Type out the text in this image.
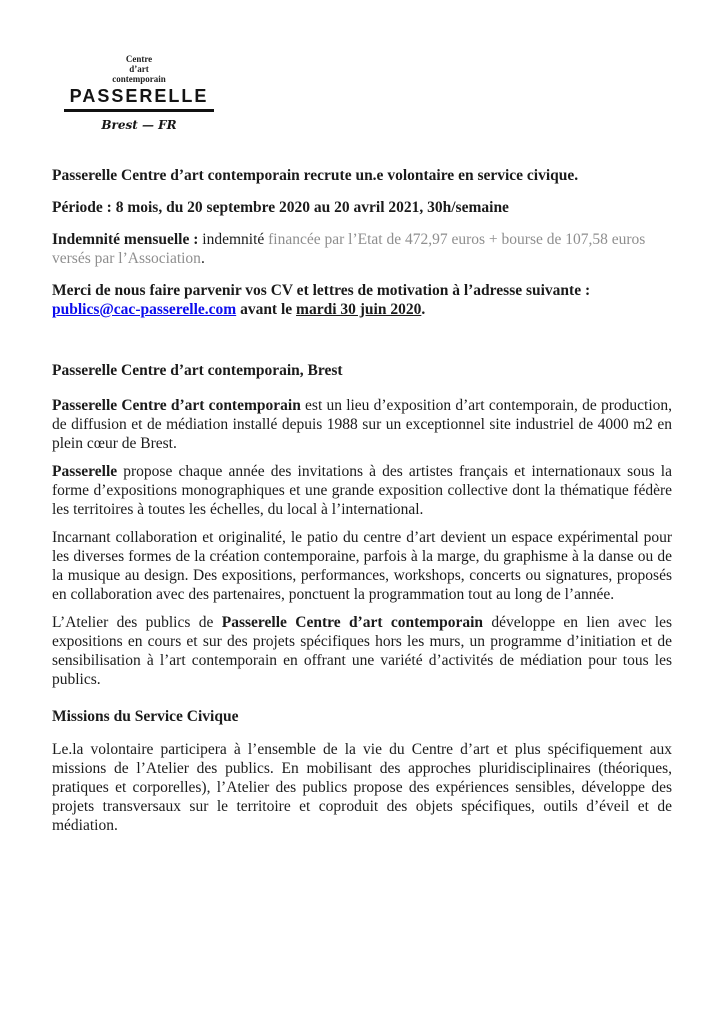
Centre
d’art
contemporain
PASSERELLE
Brest — FR

Passerelle Centre d’art contemporain recrute un.e volontaire en service civique.

Période : 8 mois, du 20 septembre 2020 au 20 avril 2021, 30h/semaine

Indemnité mensuelle : indemnité financée par l’Etat de 472,97 euros + bourse de 107,58 euros versés par l’Association.

Merci de nous faire parvenir vos CV et lettres de motivation à l’adresse suivante : publics@cac-passerelle.com avant le mardi 30 juin 2020.

Passerelle Centre d’art contemporain, Brest

Passerelle Centre d’art contemporain est un lieu d’exposition d’art contemporain, de production, de diffusion et de médiation installé depuis 1988 sur un exceptionnel site industriel de 4000 m2 en plein cœur de Brest.

Passerelle propose chaque année des invitations à des artistes français et internationaux sous la forme d’expositions monographiques et une grande exposition collective dont la thématique fédère les territoires à toutes les échelles, du local à l’international.

Incarnant collaboration et originalité, le patio du centre d’art devient un espace expérimental pour les diverses formes de la création contemporaine, parfois à la marge, du graphisme à la danse ou de la musique au design. Des expositions, performances, workshops, concerts ou signatures, proposés en collaboration avec des partenaires, ponctuent la programmation tout au long de l’année.

L’Atelier des publics de Passerelle Centre d’art contemporain développe en lien avec les expositions en cours et sur des projets spécifiques hors les murs, un programme d’initiation et de sensibilisation à l’art contemporain en offrant une variété d’activités de médiation pour tous les publics.

Missions du Service Civique

Le.la volontaire participera à l’ensemble de la vie du Centre d’art et plus spécifiquement aux missions de l’Atelier des publics. En mobilisant des approches pluridisciplinaires (théoriques, pratiques et corporelles), l’Atelier des publics propose des expériences sensibles, développe des projets transversaux sur le territoire et coproduit des objets spécifiques, outils d’éveil et de médiation.
